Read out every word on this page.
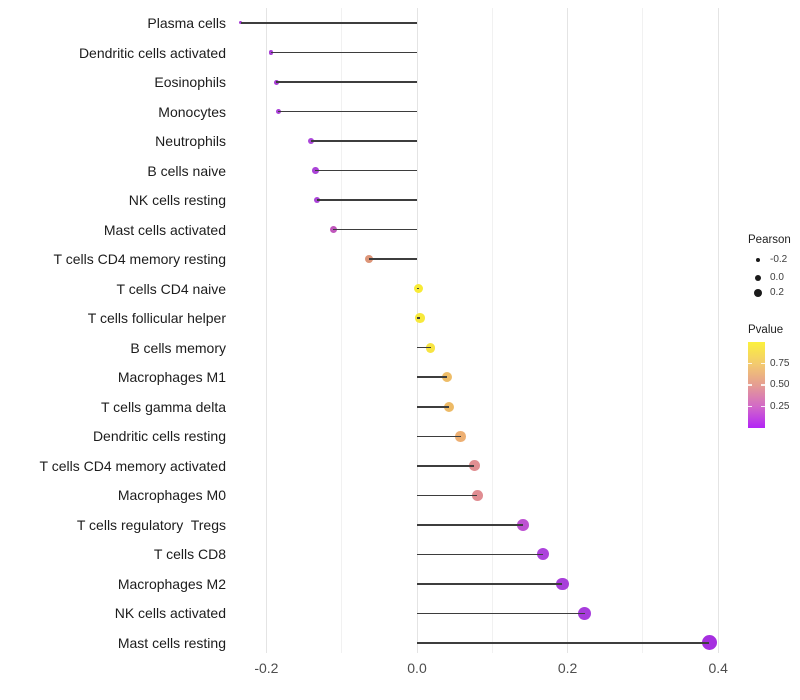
Plasma cells
Dendritic cells activated
Eosinophils
Monocytes
Neutrophils
B cells naive
NK cells resting
Mast cells activated
T cells CD4 memory resting
T cells CD4 naive
T cells follicular helper
B cells memory
Macrophages M1
T cells gamma delta
Dendritic cells resting
T cells CD4 memory activated
Macrophages M0
T cells regulatory  Tregs
T cells CD8
Macrophages M2
NK cells activated
Mast cells resting
-0.2	0.0	0.2	0.4
Pearson
-0.2
0.0
0.2
Pvalue
0.75
0.50
0.25
